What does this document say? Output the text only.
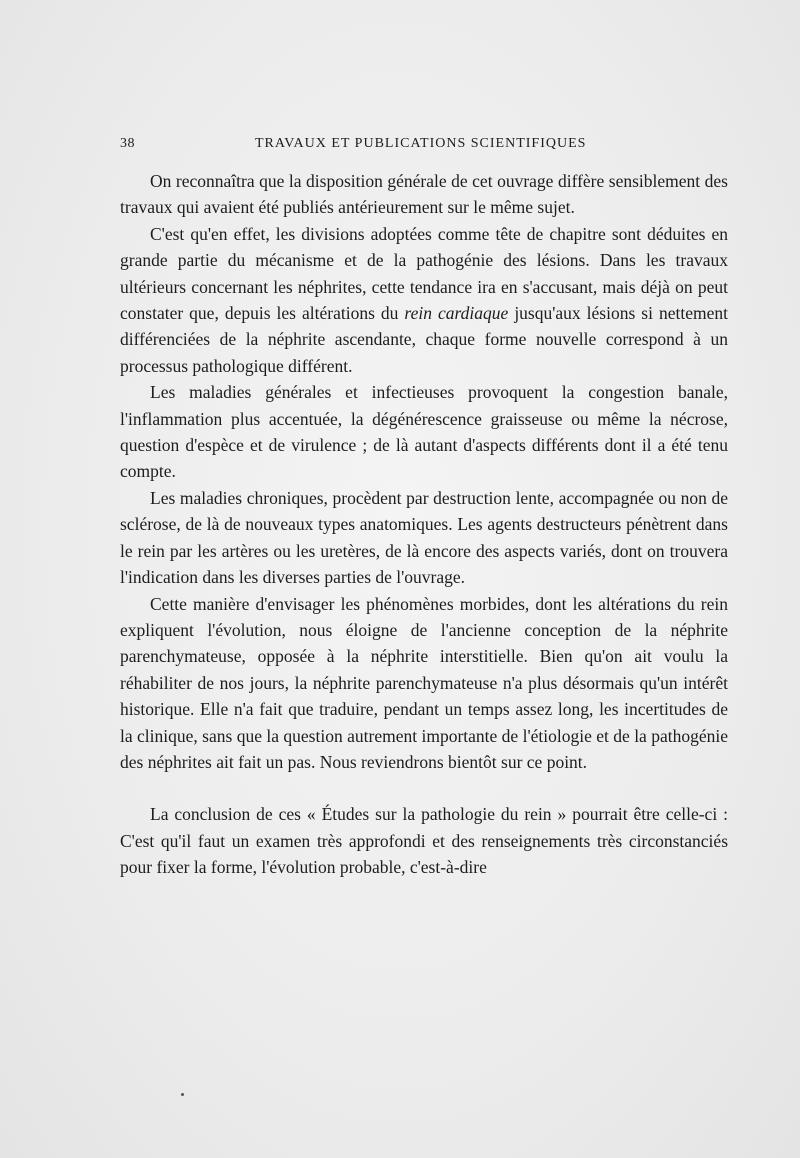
38	TRAVAUX ET PUBLICATIONS SCIENTIFIQUES

On reconnaîtra que la disposition générale de cet ouvrage diffère sensiblement des travaux qui avaient été publiés antérieurement sur le même sujet.

C'est qu'en effet, les divisions adoptées comme tête de chapitre sont déduites en grande partie du mécanisme et de la pathogénie des lésions. Dans les travaux ultérieurs concernant les néphrites, cette tendance ira en s'accusant, mais déjà on peut constater que, depuis les altérations du rein cardiaque jusqu'aux lésions si nettement différenciées de la néphrite ascendante, chaque forme nouvelle correspond à un processus pathologique différent.

Les maladies générales et infectieuses provoquent la congestion banale, l'inflammation plus accentuée, la dégénérescence graisseuse ou même la nécrose, question d'espèce et de virulence ; de là autant d'aspects différents dont il a été tenu compte.

Les maladies chroniques, procèdent par destruction lente, accompagnée ou non de sclérose, de là de nouveaux types anatomiques. Les agents destructeurs pénètrent dans le rein par les artères ou les uretères, de là encore des aspects variés, dont on trouvera l'indication dans les diverses parties de l'ouvrage.

Cette manière d'envisager les phénomènes morbides, dont les altérations du rein expliquent l'évolution, nous éloigne de l'ancienne conception de la néphrite parenchymateuse, opposée à la néphrite interstitielle. Bien qu'on ait voulu la réhabiliter de nos jours, la néphrite parenchymateuse n'a plus désormais qu'un intérêt historique. Elle n'a fait que traduire, pendant un temps assez long, les incertitudes de la clinique, sans que la question autrement importante de l'étiologie et de la pathogénie des néphrites ait fait un pas. Nous reviendrons bientôt sur ce point.

La conclusion de ces « Études sur la pathologie du rein » pourrait être celle-ci : C'est qu'il faut un examen très approfondi et des renseignements très circonstanciés pour fixer la forme, l'évolution probable, c'est-à-dire
